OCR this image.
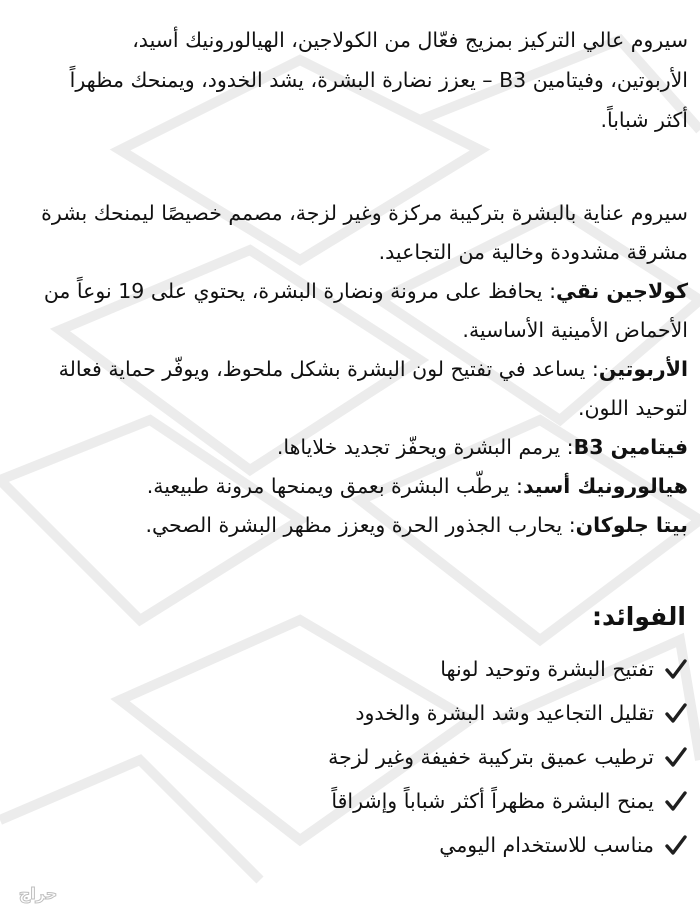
سيروم عالي التركيز بمزيج فعّال من الكولاجين، الهيالورونيك أسيد،

الأربوتين، وفيتامين B3 – يعزز نضارة البشرة، يشد الخدود، ويمنحك مظهراً

أكثر شباباً.

سيروم عناية بالبشرة بتركيبة مركزة وغير لزجة، مصمم خصيصًا ليمنحك بشرة

مشرقة مشدودة وخالية من التجاعيد.

كولاجين نقي: يحافظ على مرونة ونضارة البشرة، يحتوي على 19 نوعاً من

الأحماض الأمينية الأساسية.

الأربوتين: يساعد في تفتيح لون البشرة بشكل ملحوظ، ويوفّر حماية فعالة

لتوحيد اللون.

فيتامين B3: يرمم البشرة ويحفّز تجديد خلاياها.

هيالورونيك أسيد: يرطّب البشرة بعمق ويمنحها مرونة طبيعية.

بيتا جلوكان: يحارب الجذور الحرة ويعزز مظهر البشرة الصحي.

الفوائد:
تفتيح البشرة وتوحيد لونها
تقليل التجاعيد وشد البشرة والخدود
ترطيب عميق بتركيبة خفيفة وغير لزجة
يمنح البشرة مظهراً أكثر شباباً وإشراقاً
مناسب للاستخدام اليومي
حراج
